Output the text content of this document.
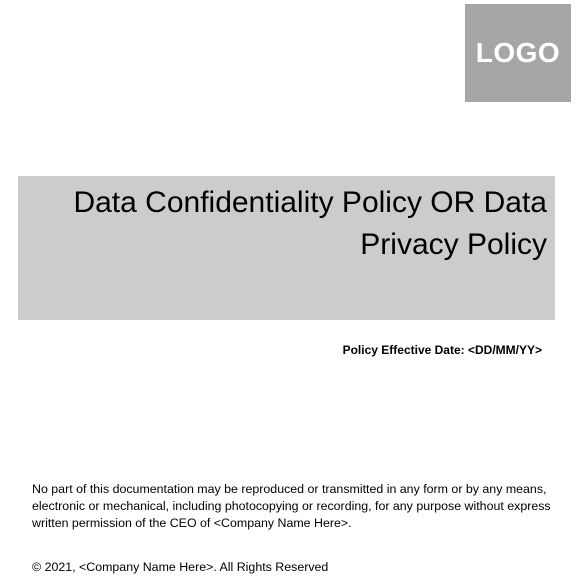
LOGO
Data Confidentiality Policy OR Data Privacy Policy
Policy Effective Date: <DD/MM/YY>
No part of this documentation may be reproduced or transmitted in any form or by any means, electronic or mechanical, including photocopying or recording, for any purpose without express written permission of the CEO of <Company Name Here>.
© 2021, <Company Name Here>. All Rights Reserved
